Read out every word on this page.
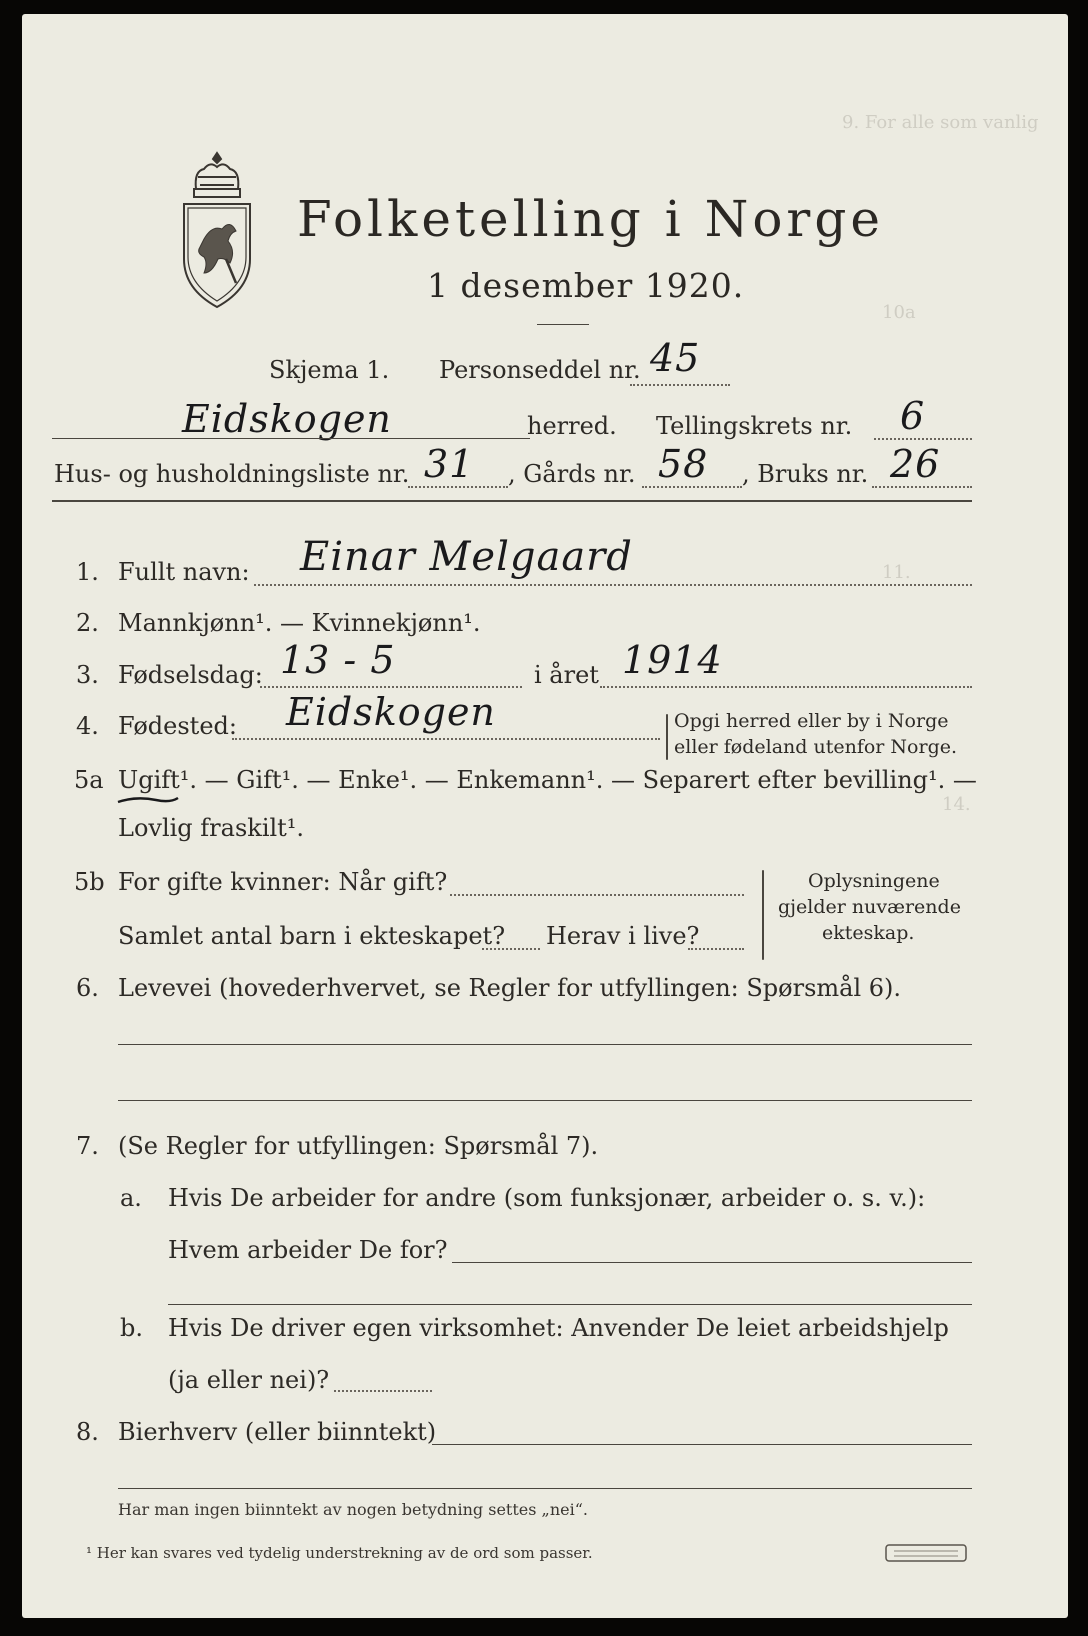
Folketelling i Norge
1 desember 1920.
9. For alle som vanlig
10a
11.
14.
Skjema 1. Personseddel nr. 45
Eidskogen	herred. Tellingskrets nr. 6
Hus- og husholdningsliste nr. 31 , Gårds nr. 58 , Bruks nr. 26
1. Fullt navn: Einar Melgaard
2. Mannkjønn¹. — Kvinnekjønn¹.
3. Fødselsdag: 13 - 5	i året 1914
4. Fødested: Eidskogen	Opgi herred eller by i Norge
eller fødeland utenfor Norge.
5a Ugift¹. — Gift¹. — Enke¹. — Enkemann¹. — Separert efter bevilling¹. —
Lovlig fraskilt¹.
5b For gifte kvinner: Når gift?
Samlet antal barn i ekteskapet? Herav i live?
Oplysningene
gjelder nuværende
ekteskap.
6. Levevei (hovederhvervet, se Regler for utfyllingen: Spørsmål 6).
7. (Se Regler for utfyllingen: Spørsmål 7).
a. Hvis De arbeider for andre (som funksjonær, arbeider o. s. v.):
Hvem arbeider De for?
b. Hvis De driver egen virksomhet: Anvender De leiet arbeidshjelp
(ja eller nei)?
8. Bierhverv (eller biinntekt)
Har man ingen biinntekt av nogen betydning settes „nei“.
¹ Her kan svares ved tydelig understrekning av de ord som passer.
